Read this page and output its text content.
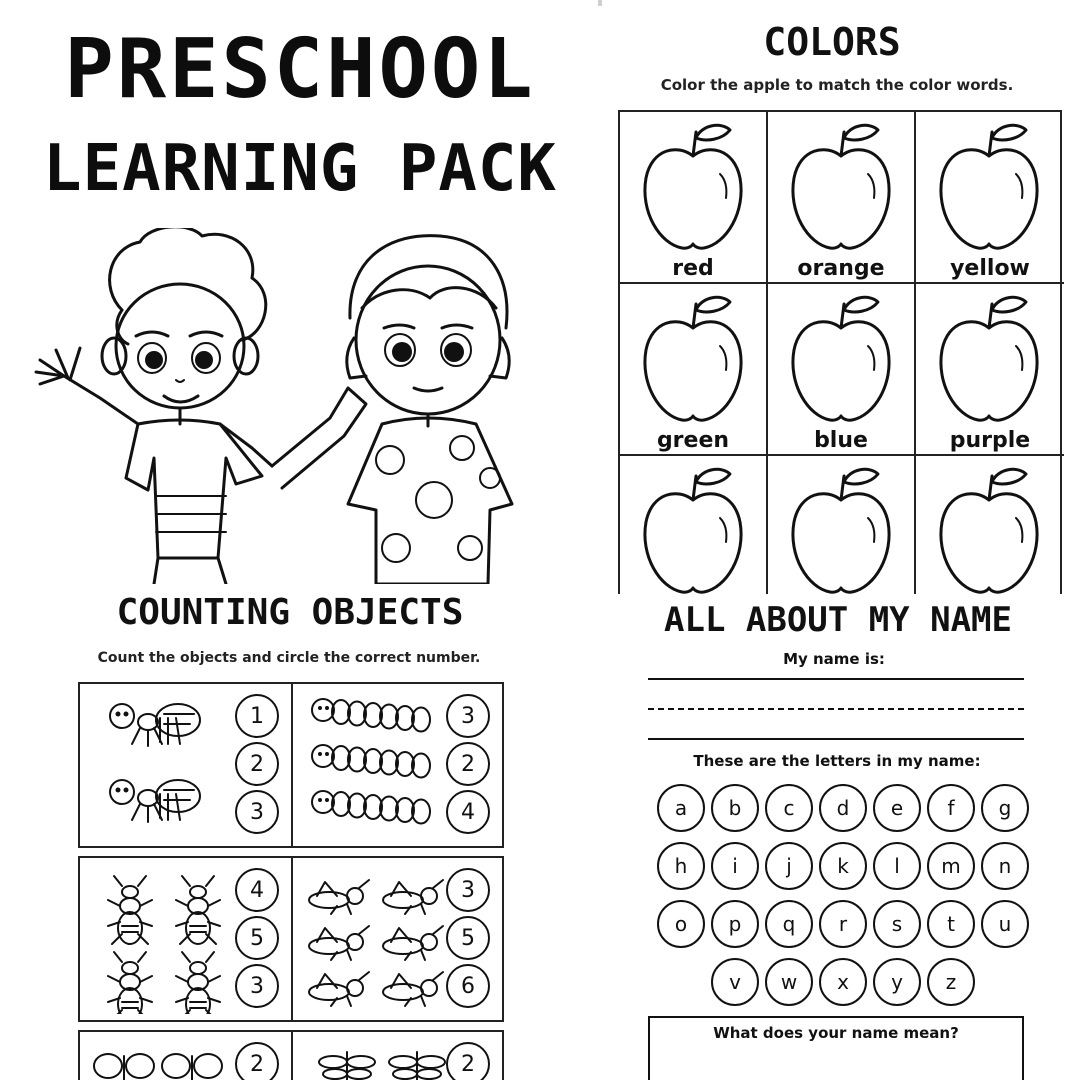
PRESCHOOL
LEARNING PACK
COLORS
Color the apple to match the color words.
red	orange	yellow
green	blue	purple
COUNTING OBJECTS
Count the objects and circle the correct number.
1
2
3
3
2
4
4
5
3
3
5
6
2	2
ALL ABOUT MY NAME
My name is:
These are the letters in my name:
a	b	c	d	e	f	g
h	i	j	k	l	m	n
o	p	q	r	s	t	u
v	w	x	y	z
What does your name mean?
